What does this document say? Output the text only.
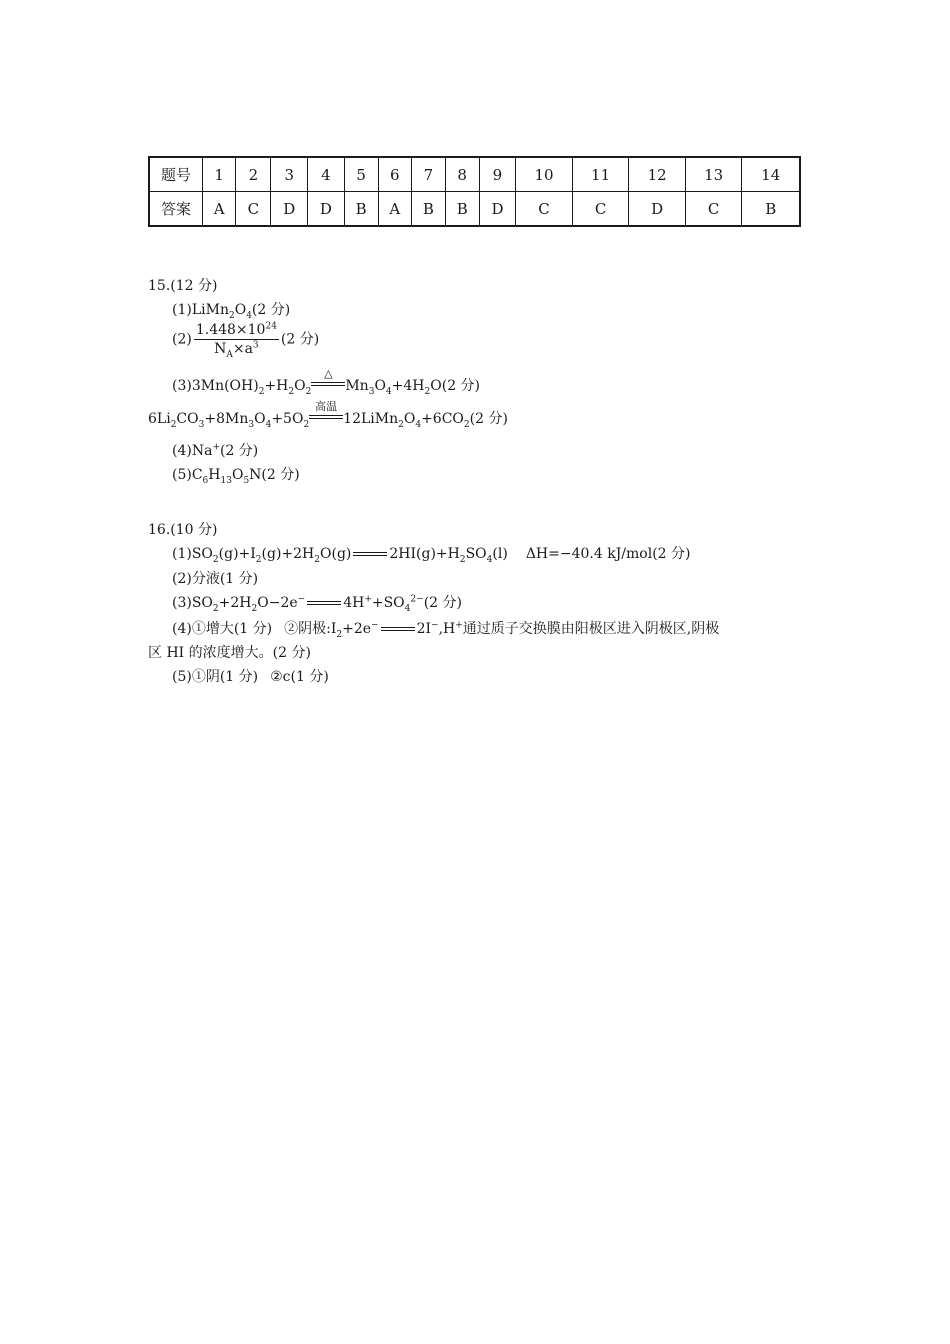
题号	1	2	3	4	5	6	7	8	9	10	11	12	13	14
答案	A	C	D	D	B	A	B	B	D	C	C	D	C	B
15.(12 分)
$(1)LiMn_2O_4(2$ 分)
$(2) \frac{1.448\times 10^{24}}{N_A\times a^3} (2$ 分)
$(3)3Mn(OH)_2+H_2O_2$
△
$Mn_3O_4+4H_2O(2$ 分)
$6Li_2CO_3+8Mn_3O_4+5O_2$
高温
$12LiMn_2O_4+6CO_2(2$ 分)
(4)Na+(2 分)
$(5)C_6H_{13}O_5N(2$ 分)
16.(10 分)
$(1)SO_2(g)+I_2(g)+2H_2O(g)$	$2HI(g)+H_2SO_4(l)$ ΔH=−40.4 kJ/mol(2 分)
(2)分液(1 分)
$(3)SO_2+2H_2O-2e^-$	$4H^++SO_4^{2-}(2$ 分)
(4)①增大(1 分) ②阴极$:I_2+2e^-$	2I−,H+通过质子交换膜由阳极区进入阴极区,阴极
区 HI 的浓度增大。(2 分)
(5)①阴(1 分) ②c(1 分)
